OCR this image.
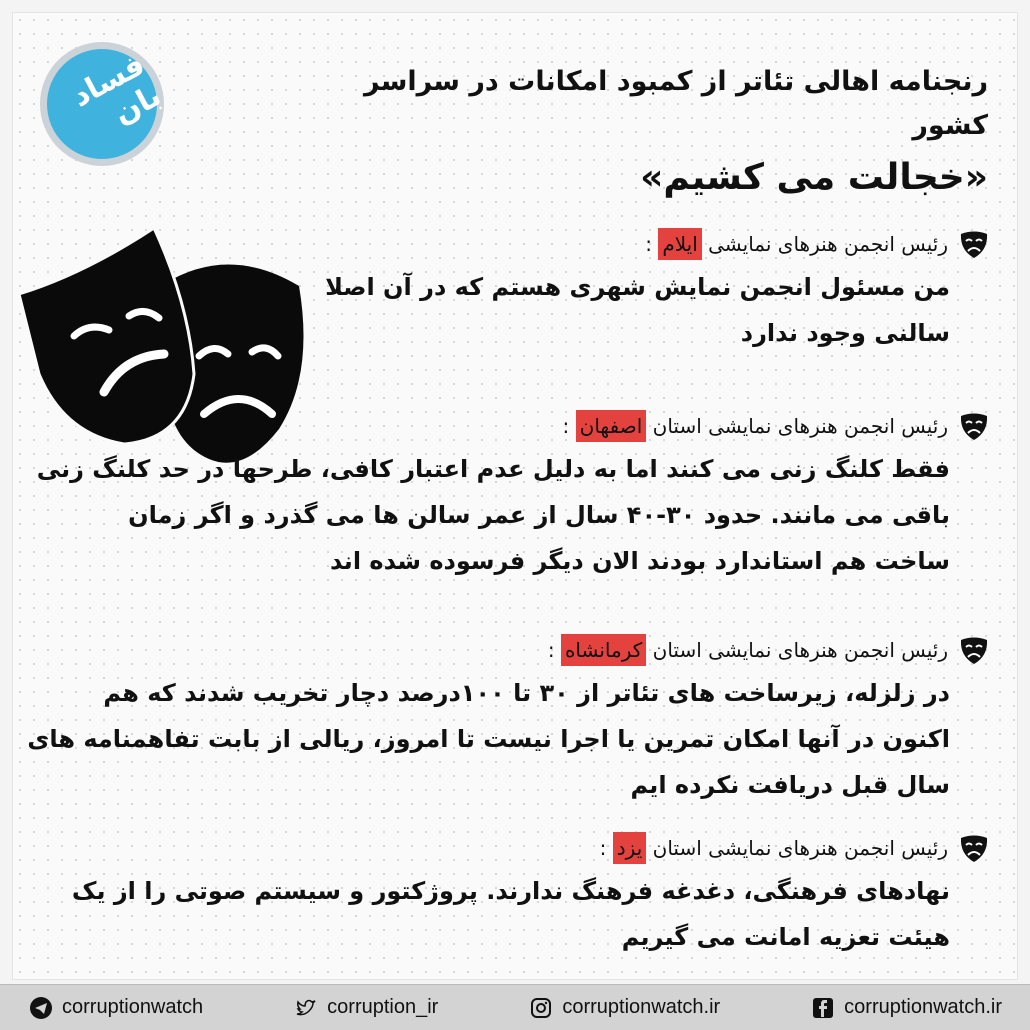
فساد بان	رنجنامه اهالی تئاتر از کمبود امکانات در سراسر کشور
«خجالت می کشیم»
رئیس انجمن هنرهای نمایشی ایلام :
من مسئول انجمن نمایش شهری هستم که در آن اصلا
سالنی وجود ندارد
رئیس انجمن هنرهای نمایشی استان اصفهان :
فقط کلنگ زنی می کنند اما به دلیل عدم اعتبار کافی، طرحها در حد کلنگ زنی
باقی می مانند. حدود ۳۰-۴۰ سال از عمر سالن ها می گذرد و اگر زمان
ساخت هم استاندارد بودند الان دیگر فرسوده شده اند
رئیس انجمن هنرهای نمایشی استان کرمانشاه :
در زلزله، زیرساخت های تئاتر از ۳۰ تا ۱۰۰درصد دچار تخریب شدند که هم
اکنون در آنها امکان تمرین یا اجرا نیست تا امروز، ریالی از بابت تفاهمنامه های
سال قبل دریافت نکرده ایم
رئیس انجمن هنرهای نمایشی استان یزد :
نهادهای فرهنگی، دغدغه فرهنگ ندارند. پروژکتور و سیستم صوتی را از یک
هیئت تعزیه امانت می گیریم
corruptionwatch	corruption_ir	corruptionwatch.ir	corruptionwatch.ir
